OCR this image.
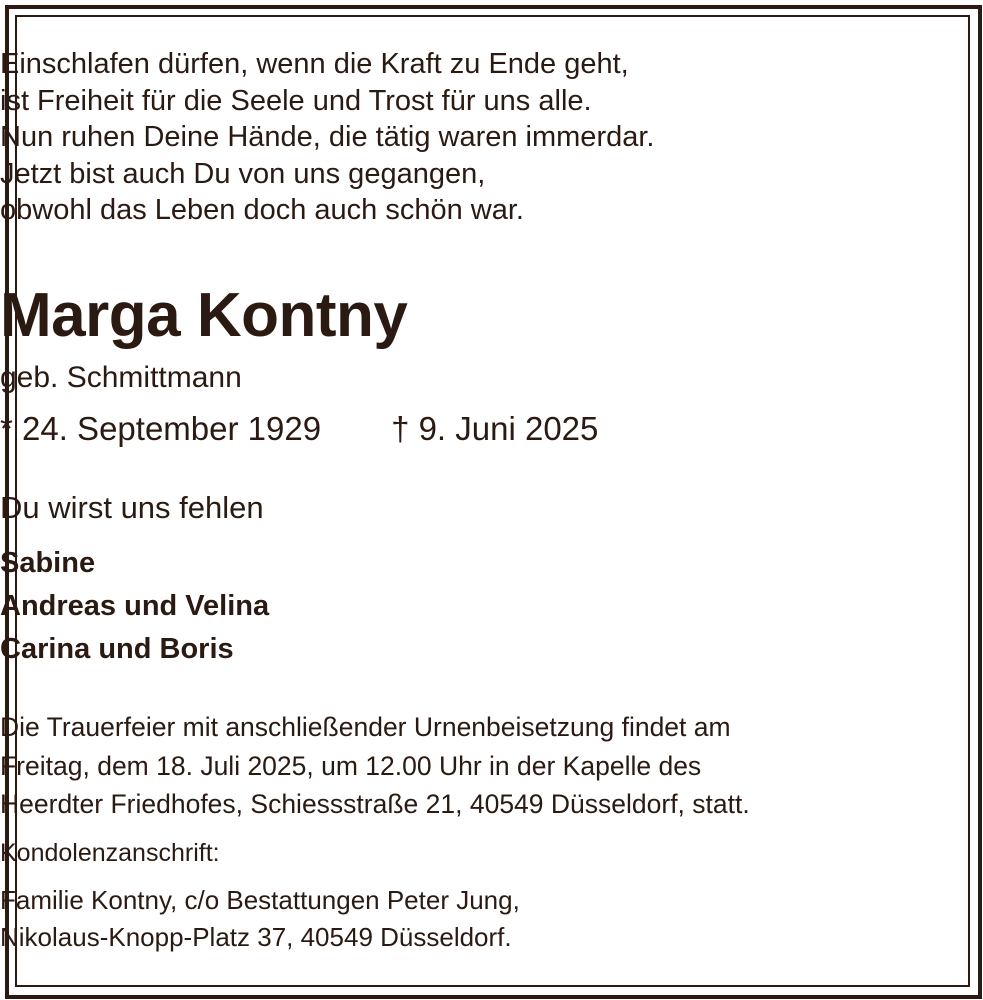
Einschlafen dürfen, wenn die Kraft zu Ende geht,
ist Freiheit für die Seele und Trost für uns alle.
Nun ruhen Deine Hände, die tätig waren immerdar.
Jetzt bist auch Du von uns gegangen,
obwohl das Leben doch auch schön war.
Marga Kontny
geb. Schmittmann
* 24. September 1929 † 9. Juni 2025
Du wirst uns fehlen
Sabine
Andreas und Velina
Carina und Boris
Die Trauerfeier mit anschließender Urnenbeisetzung findet am
Freitag, dem 18. Juli 2025, um 12.00 Uhr in der Kapelle des
Heerdter Friedhofes, Schiessstraße 21, 40549 Düsseldorf, statt.
Kondolenzanschrift:
Familie Kontny, c/o Bestattungen Peter Jung,
Nikolaus-Knopp-Platz 37, 40549 Düsseldorf.
